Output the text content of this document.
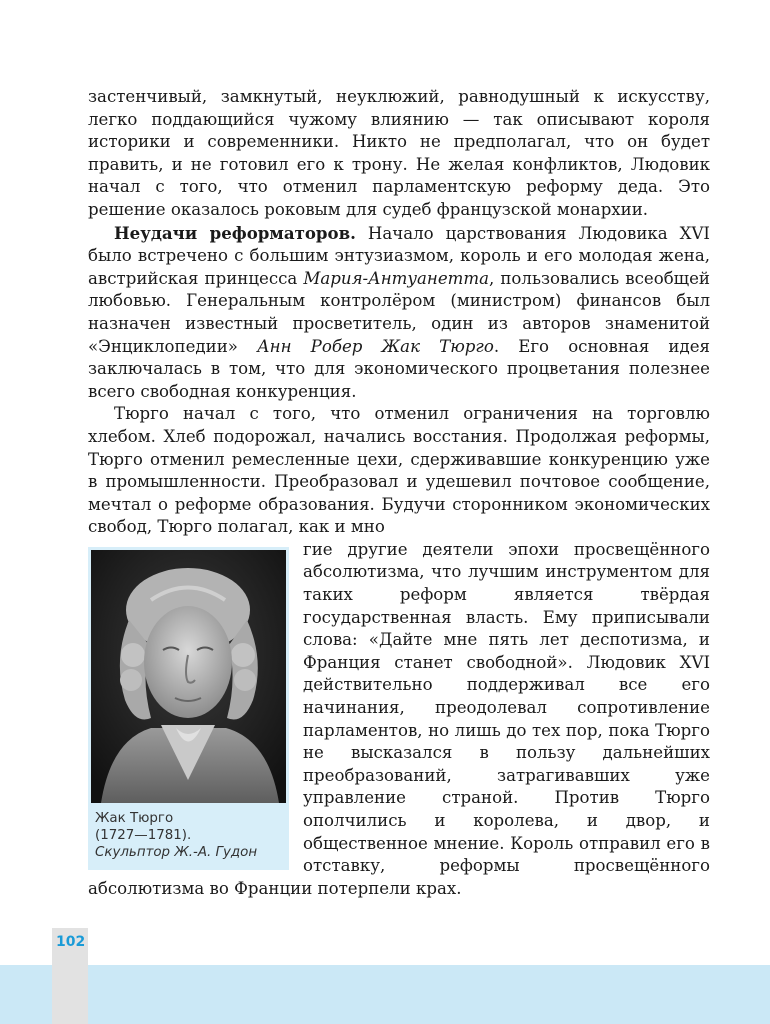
102

застенчивый, замкнутый, неуклюжий, равнодушный к искусству, легко поддающийся чужому влиянию — так описывают короля историки и современники. Никто не предполагал, что он будет править, и не готовил его к трону. Не желая конфликтов, Людовик начал с того, что отменил парламентскую реформу деда. Это решение оказалось роковым для судеб французской монархии.

Неудачи реформаторов. Начало царствования Людовика XVI было встречено с большим энтузиазмом, король и его молодая жена, австрийская принцесса Мария-Антуанетта, пользовались всеобщей любовью. Генеральным контролёром (министром) финансов был назначен известный просветитель, один из авторов знаменитой «Энциклопедии» Анн Робер Жак Тюрго. Его основная идея заключалась в том, что для экономического процветания полезнее всего свободная конкуренция.

Тюрго начал с того, что отменил ограничения на торговлю хлебом. Хлеб подорожал, начались восстания. Продолжая реформы, Тюрго отменил ремесленные цехи, сдерживавшие конкуренцию уже в промышленности. Преобразовал и удешевил почтовое сообщение, мечтал о реформе образования. Будучи сторонником экономических свобод, Тюрго полагал, как и мно

Жак Тюрго
(1727—1781).
Скульптор Ж.-А. Гудон

гие другие деятели эпохи просвещённого абсолютизма, что лучшим инструментом для таких реформ является твёрдая государственная власть. Ему приписывали слова: «Дайте мне пять лет деспотизма, и Франция станет свободной». Людовик XVI действительно поддерживал все его начинания, преодолевал сопротивление парламентов, но лишь до тех пор, пока Тюрго не высказался в пользу дальнейших преобразований, затрагивавших уже управление страной. Против Тюрго ополчились и королева, и двор, и общественное мнение. Король отправил его в отставку, реформы просвещённого абсолютизма во Франции потерпели крах.
